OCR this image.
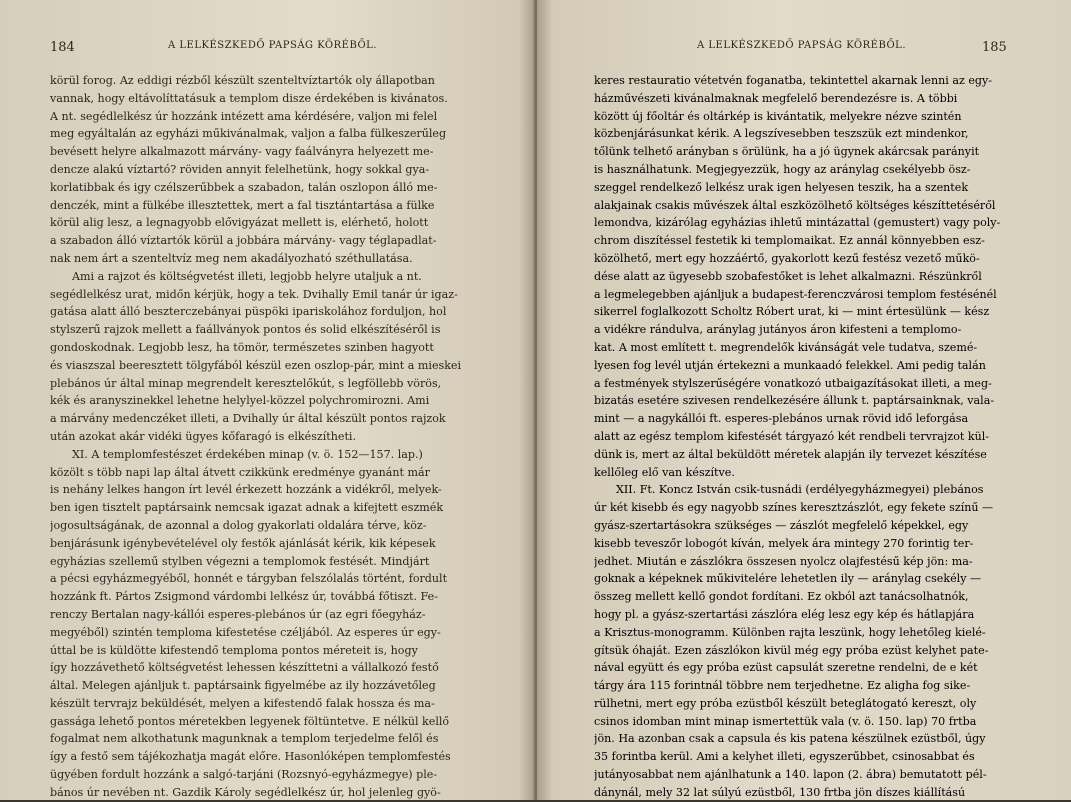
184	A LELKÉSZKEDŐ PAPSÁG KÖRÉBŐL.

körül forog. Az eddigi rézből készült szenteltvíztartók oly állapotban
vannak, hogy eltávolíttatásuk a templom disze érdekében is kivánatos.
A nt. segédlelkész úr hozzánk intézett ama kérdésére, valjon mi felel
meg egyáltalán az egyházi műkivánalmak, valjon a falba fülkeszerűleg
bevésett helyre alkalmazott márvány- vagy faálványra helyezett me-
dencze alakú víztartó? röviden annyit felelhetünk, hogy sokkal gya-
korlatibbak és igy czélszerűbbek a szabadon, talán oszlopon álló me-
denczék, mint a fülkébe illesztettek, mert a fal tisztántartása a fülke
körül alig lesz, a legnagyobb elővigyázat mellett is, elérhető, holott
a szabadon álló víztartók körül a jobbára márvány- vagy téglapadlat-
nak nem árt a szenteltvíz meg nem akadályozható széthullatása.

Ami a rajzot és költségvetést illeti, legjobb helyre utaljuk a nt.
segédlelkész urat, midőn kérjük, hogy a tek. Dvihally Emil tanár úr igaz-
gatása alatt álló beszterczebányai püspöki ipariskolához forduljon, hol
stylszerű rajzok mellett a faállványok pontos és solid elkészítéséről is
gondoskodnak. Legjobb lesz, ha tömör, természetes szinben hagyott
és viaszszal beeresztett tölgyfából készül ezen oszlop-pár, mint a mieskei
plebános úr által minap megrendelt keresztelőkút, s legföllebb vörös,
kék és aranyszinekkel lehetne helylyel-közzel polychromirozni. Ami
a márvány medenczéket illeti, a Dvihally úr által készült pontos rajzok
után azokat akár vidéki ügyes kőfaragó is elkészítheti.

XI. A templomfestészet érdekében minap (v. ö. 152—157. lap.)
közölt s több napi lap által átvett czikkünk eredménye gyanánt már
is nehány lelkes hangon írt levél érkezett hozzánk a vidékről, melyek-
ben igen tisztelt paptársaink nemcsak igazat adnak a kifejtett eszmék
jogosultságának, de azonnal a dolog gyakorlati oldalára térve, köz-
benjárásunk igénybevételével oly festők ajánlását kérik, kik képesek
egyházias szellemű stylben végezni a templomok festését. Mindjárt
a pécsi egyházmegyéből, honnét e tárgyban felszólalás történt, fordult
hozzánk ft. Pártos Zsigmond várdombi lelkész úr, továbbá főtiszt. Fe-
renczy Bertalan nagy-kállói esperes-plebános úr (az egri főegyház-
megyéből) szintén temploma kifestetése czéljából. Az esperes úr egy-
úttal be is küldötte kifestendő temploma pontos méreteit is, hogy
így hozzávethető költségvetést lehessen készíttetni a vállalkozó festő
által. Melegen ajánljuk t. paptársaink figyelmébe az ily hozzávetőleg
készült tervrajz beküldését, melyen a kifestendő falak hossza és ma-
gassága lehető pontos méretekben legyenek föltüntetve. E nélkül kellő
fogalmat nem alkothatunk magunknak a templom terjedelme felől és
így a festő sem tájékozhatja magát előre. Hasonlóképen templomfestés
ügyében fordult hozzánk a salgó-tarjáni (Rozsnyó-egyházmegye) ple-
bános úr nevében nt. Gazdik Károly segédlelkész úr, hol jelenleg gyö-

A LELKÉSZKEDŐ PAPSÁG KÖRÉBŐL.	185

keres restauratio vétetvén foganatba, tekintettel akarnak lenni az egy-
házművészeti kivánalmaknak megfelelő berendezésre is. A többi
között új főoltár és oltárkép is kivántatik, melyekre nézve szintén
közbenjárásunkat kérik. A legszívesebben teszszük ezt mindenkor,
tőlünk telhető arányban s örülünk, ha a jó ügynek akárcsak parányit
is használhatunk. Megjegyezzük, hogy az aránylag csekélyebb ösz-
szeggel rendelkező lelkész urak igen helyesen teszik, ha a szentek
alakjainak csakis művészek által eszközölhető költséges készíttetéséről
lemondva, kizárólag egyházias ihletű mintázattal (gemustert) vagy poly-
chrom diszítéssel festetik ki templomaikat. Ez annál könnyebben esz-
közölhető, mert egy hozzáértő, gyakorlott kezű festész vezető műkö-
dése alatt az ügyesebb szobafestőket is lehet alkalmazni. Részünkről
a legmelegebben ajánljuk a budapest-ferenczvárosi templom festésénél
sikerrel foglalkozott Scholtz Róbert urat, ki — mint értesülünk — kész
a vidékre rándulva, aránylag jutányos áron kifesteni a templomo-
kat. A most említett t. megrendelők kivánságát vele tudatva, szemé-
lyesen fog levél utján értekezni a munkaadó felekkel. Ami pedig talán
a festmények stylszerűségére vonatkozó utbaigazításokat illeti, a meg-
bizatás esetére szivesen rendelkezésére állunk t. paptársainknak, vala-
mint — a nagykállói ft. esperes-plebános urnak rövid idő leforgása
alatt az egész templom kifestését tárgyazó két rendbeli tervrajzot kül-
dünk is, mert az által beküldött méretek alapján ily tervezet készítése
kellőleg elő van készítve.

XII. Ft. Koncz István csik-tusnádi (erdélyegyházmegyei) plebános
úr két kisebb és egy nagyobb színes keresztzászlót, egy fekete színű —
gyász-szertartásokra szükséges — zászlót megfelelő képekkel, egy
kisebb teveszőr lobogót kíván, melyek ára mintegy 270 forintig ter-
jedhet. Miután e zászlókra összesen nyolcz olajfestésű kép jön: ma-
goknak a képeknek műkivitelére lehetetlen ily — aránylag csekély —
összeg mellett kellő gondot fordítani. Ez okból azt tanácsolhatnók,
hogy pl. a gyász-szertartási zászlóra elég lesz egy kép és hátlapjára
a Krisztus-monogramm. Különben rajta leszünk, hogy lehetőleg kielé-
gítsük óhaját. Ezen zászlókon kivül még egy próba ezüst kelyhet pate-
nával együtt és egy próba ezüst capsulát szeretne rendelni, de e két
tárgy ára 115 forintnál többre nem terjedhetne. Ez aligha fog sike-
rülhetni, mert egy próba ezüstből készült beteglátogató kereszt, oly
csinos idomban mint minap ismertettük vala (v. ö. 150. lap) 70 frtba
jön. Ha azonban csak a capsula és kis patena készülnek ezüstből, úgy
35 forintba kerül. Ami a kelyhet illeti, egyszerűbbet, csinosabbat és
jutányosabbat nem ajánlhatunk a 140. lapon (2. ábra) bemutatott pél-
dánynál, mely 32 lat súlyú ezüstből, 130 frtba jön díszes kiállítású
